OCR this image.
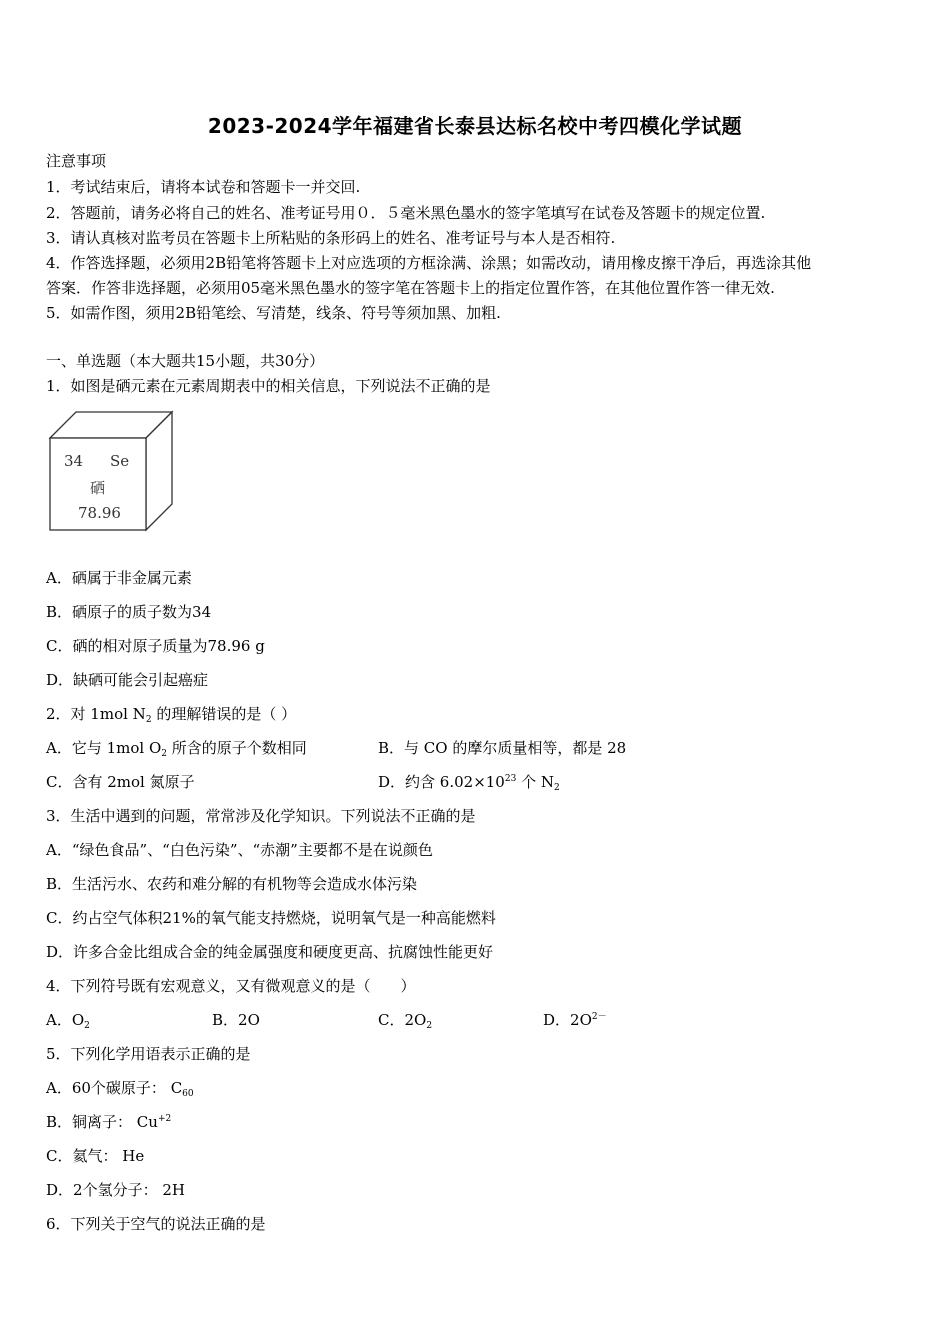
2023-2024学年福建省长泰县达标名校中考四模化学试题
注意事项
1．考试结束后，请将本试卷和答题卡一并交回.
2．答题前，请务必将自己的姓名、准考证号用０．５毫米黑色墨水的签字笔填写在试卷及答题卡的规定位置.
3．请认真核对监考员在答题卡上所粘贴的条形码上的姓名、准考证号与本人是否相符.
4．作答选择题，必须用2B铅笔将答题卡上对应选项的方框涂满、涂黑；如需改动，请用橡皮擦干净后，再选涂其他
答案．作答非选择题，必须用05毫米黑色墨水的签字笔在答题卡上的指定位置作答，在其他位置作答一律无效.
5．如需作图，须用2B铅笔绘、写清楚，线条、符号等须加黑、加粗.
一、单选题（本大题共15小题，共30分）
1．如图是硒元素在元素周期表中的相关信息，下列说法不正确的是
34 Se
硒
78.96
A．硒属于非金属元素
B．硒原子的质子数为34
C．硒的相对原子质量为78.96 g
D．缺硒可能会引起癌症
2．对 1mol $N_2$ 的理解错误的是（ ）
A．它与 1mol $O_2$ 所含的原子个数相同	B．与 CO 的摩尔质量相等，都是 28
C．含有 2mol 氮原子	D．约含 $6.02\times 10^{23}$ 个 $N_2$
3．生活中遇到的问题，常常涉及化学知识。下列说法不正确的是
A．“绿色食品”、“白色污染”、“赤潮”主要都不是在说颜色
B．生活污水、农药和难分解的有机物等会造成水体污染
C．约占空气体积21%的氧气能支持燃烧，说明氧气是一种高能燃料
D．许多合金比组成合金的纯金属强度和硬度更高、抗腐蚀性能更好
4．下列符号既有宏观意义，又有微观意义的是（　　）
A．$O_2$	B．2O	C．$2O_2$	D．$2O^{2-}$
5．下列化学用语表示正确的是
A．60个碳原子： $C_{60}$
B．铜离子： $Cu^{+2}$
C．氦气： He
D．2个氢分子： 2H
6．下列关于空气的说法正确的是
